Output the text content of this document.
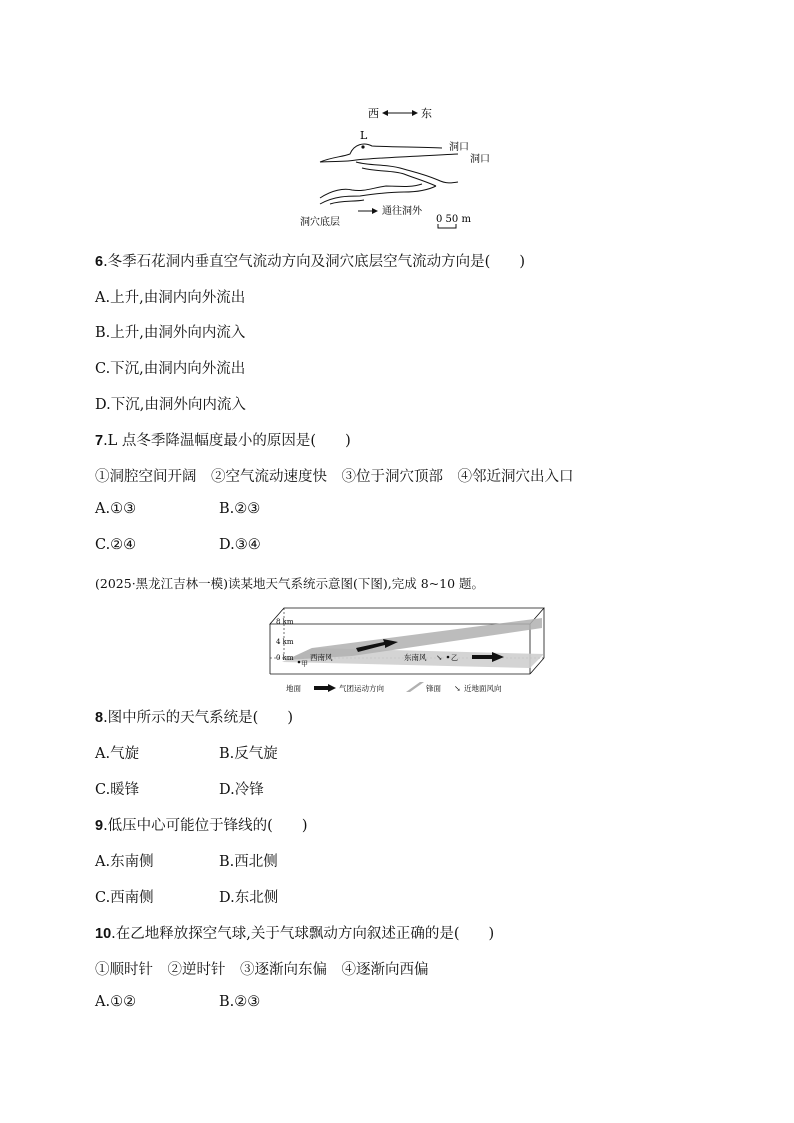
西	东
L
洞口
洞口
洞穴底层
通往洞外
0 50 m
6.冬季石花洞内垂直空气流动方向及洞穴底层空气流动方向是(　　)
A.上升,由洞内向外流出
B.上升,由洞外向内流入
C.下沉,由洞内向外流出
D.下沉,由洞外向内流入
7.L 点冬季降温幅度最小的原因是(　　)
①洞腔空间开阔　②空气流动速度快　③位于洞穴顶部　④邻近洞穴出入口
A.①③	B.②③
C.②④	D.③④
(2025·黑龙江吉林一模)读某地天气系统示意图(下图),完成 8~10 题。
8 km
4 km
0 km
甲
西南风	东南风 ↘ 乙
地面	气团运动方向	锋面 ↘ 近地面风向
8.图中所示的天气系统是(　　)
A.气旋	B.反气旋
C.暖锋	D.冷锋
9.低压中心可能位于锋线的(　　)
A.东南侧	B.西北侧
C.西南侧	D.东北侧
10.在乙地释放探空气球,关于气球飘动方向叙述正确的是(　　)
①顺时针　②逆时针　③逐渐向东偏　④逐渐向西偏
A.①②	B.②③
